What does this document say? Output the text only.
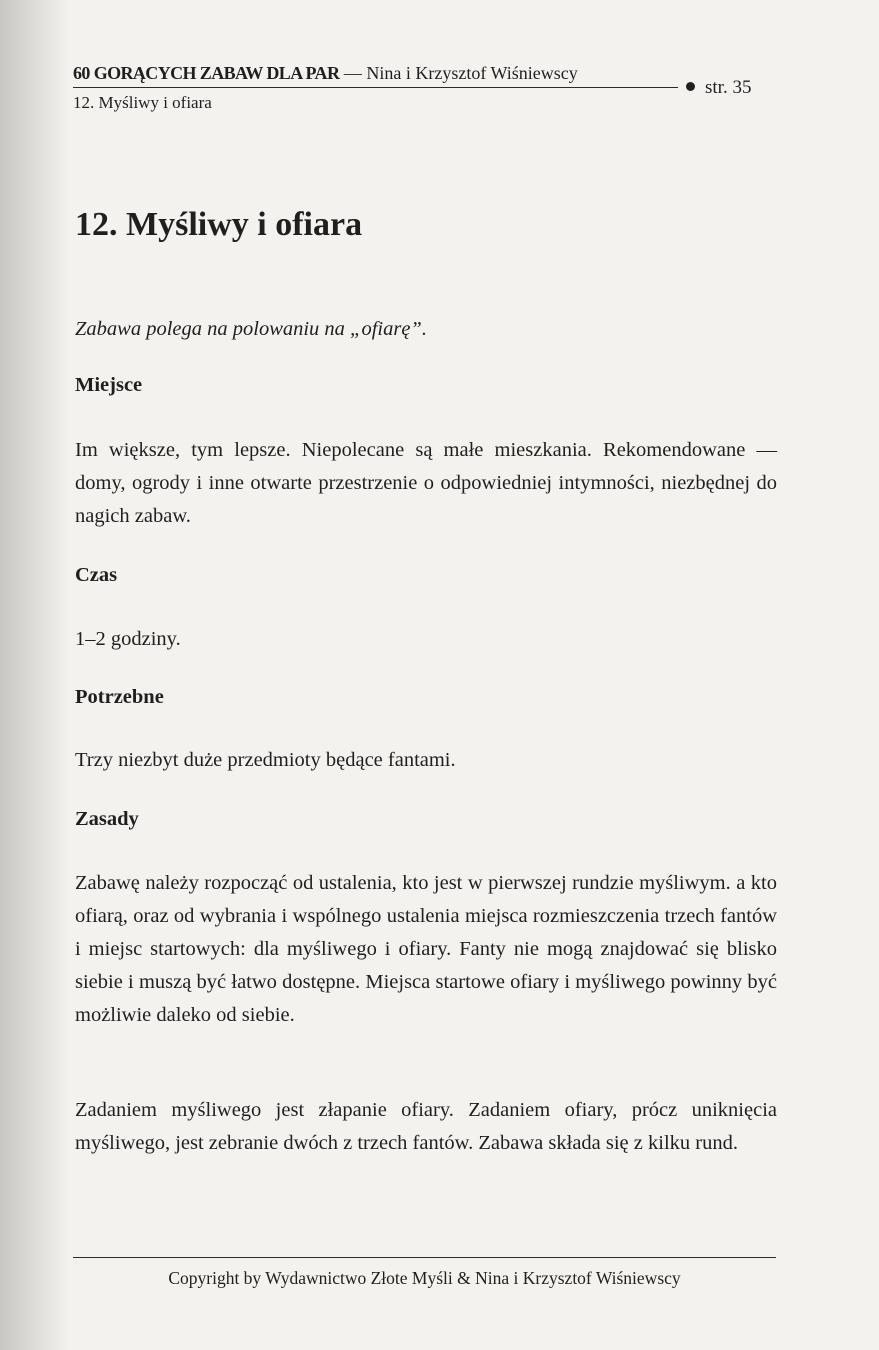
60 GORĄCYCH ZABAW DLA PAR — Nina i Krzysztof Wiśniewscy
str. 35
12. Myśliwy i ofiara
12. Myśliwy i ofiara

Zabawa polega na polowaniu na „ofiarę”.

Miejsce

Im większe, tym lepsze. Niepolecane są małe mieszkania. Rekomendowane — domy, ogrody i inne otwarte przestrzenie o odpowiedniej intymności, niezbędnej do nagich zabaw.

Czas

1–2 godziny.

Potrzebne

Trzy niezbyt duże przedmioty będące fantami.

Zasady

Zabawę należy rozpocząć od ustalenia, kto jest w pierwszej rundzie myśliwym. a kto ofiarą, oraz od wybrania i wspólnego ustalenia miejsca rozmieszczenia trzech fantów i miejsc startowych: dla myśliwego i ofiary. Fanty nie mogą znajdować się blisko siebie i muszą być łatwo dostępne. Miejsca startowe ofiary i myśliwego powinny być możliwie daleko od siebie.

Zadaniem myśliwego jest złapanie ofiary. Zadaniem ofiary, prócz uniknięcia myśliwego, jest zebranie dwóch z trzech fantów. Zabawa składa się z kilku rund.

Copyright by Wydawnictwo Złote Myśli & Nina i Krzysztof Wiśniewscy
